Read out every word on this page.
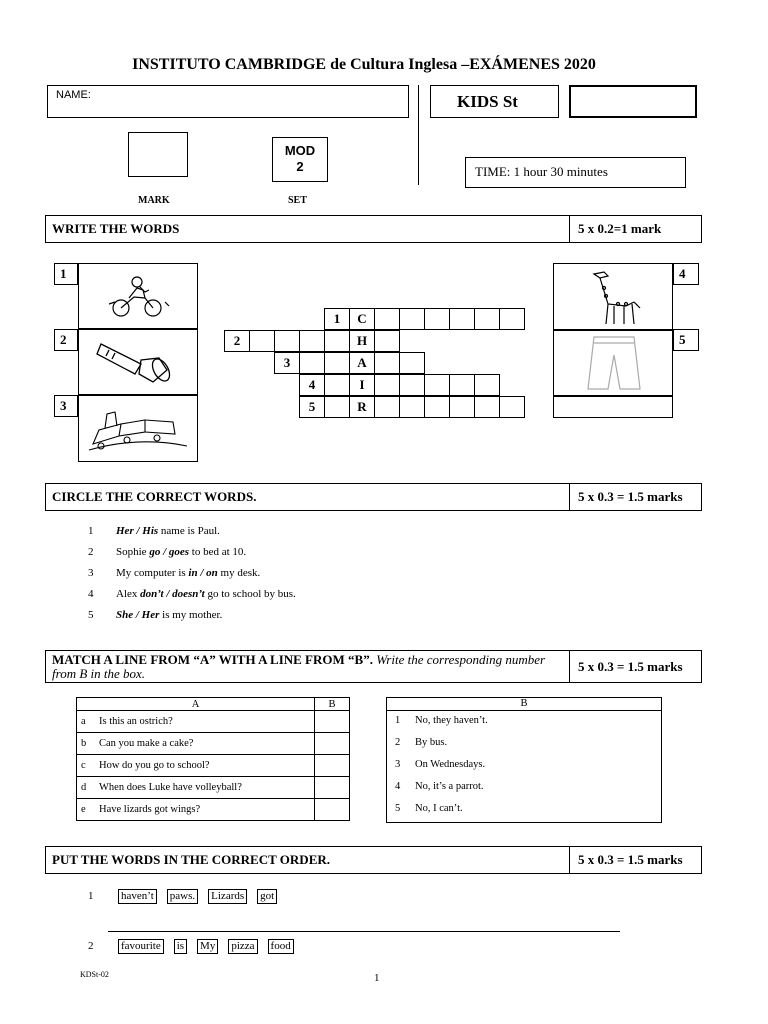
INSTITUTO CAMBRIDGE de Cultura Inglesa –EXÁMENES 2020
NAME:	KIDS St
MOD
2
MARK	SET
TIME: 1 hour 30 minutes
WRITE THE WORDS	5 x 0.2=1 mark
1
2
3
4
5
1	C
2	H
3	A
4	I
5	R
CIRCLE THE CORRECT WORDS.	5 x 0.3 = 1.5 marks
1 Her / His name is Paul.
2 Sophie go / goes to bed at 10.
3 My computer is in / on my desk.
4 Alex don’t / doesn’t go to school by bus.
5 She / Her is my mother.
MATCH A LINE FROM “A” WITH A LINE FROM “B”. Write the corresponding number from B in the box.	5 x 0.3 = 1.5 marks
A	B
a Is this an ostrich?	
b Can you make a cake?	
c How do you go to school?	
d When does Luke have volleyball?	
e Have lizards got wings?	
B
1 No, they haven’t.
2 By bus.
3 On Wednesdays.
4 No, it’s a parrot.
5 No, I can’t.
PUT THE WORDS IN THE CORRECT ORDER.	5 x 0.3 = 1.5 marks
1	haven’t paws. Lizards got
2	favourite is My pizza food
KDSt-02	1
